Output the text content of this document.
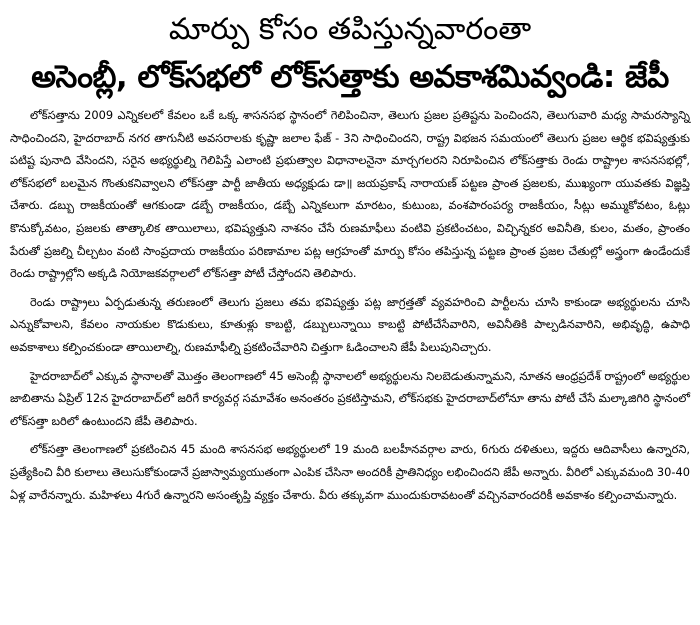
మార్పు కోసం తపిస్తున్నవారంతా
అసెంబ్లీ, లోక్‌సభలో లోక్‌సత్తాకు అవకాశమివ్వండి: జేపీ

లోక్‌సత్తాను 2009 ఎన్నికలలో కేవలం ఒకే ఒక్క శాసనసభ స్థానంలో గెలిపించినా, తెలుగు ప్రజల ప్రతిష్టను పెంచిందని, తెలుగువారి మధ్య సామరస్యాన్ని సాధించిందని, హైదరాబాద్ నగర తాగునీటి అవసరాలకు కృష్ణా జలాల ఫేజ్ - 3ని సాధించిందని, రాష్ట్ర విభజన సమయంలో తెలుగు ప్రజల ఆర్థిక భవిష్యత్తుకు పటిష్ట పునాది వేసిందని, సరైన అభ్యర్థుల్ని గెలిపిస్తే ఎలాంటి ప్రభుత్వాల విధానాలనైనా మార్చగలరని నిరూపించిన లోక్‌సత్తాకు రెండు రాష్ట్రాల శాసనసభల్లో, లోక్‌సభలో బలమైన గొంతుకనివ్వాలని లోక్‌సత్తా పార్టీ జాతీయ అధ్యక్షుడు డా॥ జయప్రకాష్ నారాయణ్ పట్టణ ప్రాంత ప్రజలకు, ముఖ్యంగా యువతకు విజ్ఞప్తి చేశారు. డబ్బు రాజకీయంతో ఆగకుండా డబ్బే రాజకీయం, డబ్బే ఎన్నికలుగా మారటం, కుటుంబ, వంశపారంపర్య రాజకీయం, సీట్లు అమ్ముకోవటం, ఓట్లు కొనుక్కోవటం, ప్రజలకు తాత్కాలిక తాయిలాలు, భవిష్యత్తుని నాశనం చేసే రుణమాఫీలు వంటివి ప్రకటించటం, విచ్ఛిన్నకర అవినీతి, కులం, మతం, ప్రాంతం పేరుతో ప్రజల్ని చీల్చటం వంటి సాంప్రదాయ రాజకీయం పరిణామాల పట్ల ఆగ్రహంతో మార్పు కోసం తపిస్తున్న పట్టణ ప్రాంత ప్రజల చేతుల్లో అస్త్రంగా ఉండేందుకే రెండు రాష్ట్రాల్లోని అక్కడి నియోజకవర్గాలలో లోక్‌సత్తా పోటీ చేస్తోందని తెలిపారు.

రెండు రాష్ట్రాలు ఏర్పడుతున్న తరుణంలో తెలుగు ప్రజలు తమ భవిష్యత్తు పట్ల జాగ్రత్తతో వ్యవహరించి పార్టీలను చూసి కాకుండా అభ్యర్థులను చూసి ఎన్నుకోవాలని, కేవలం నాయకుల కొడుకులు, కూతుళ్లు కాబట్టి, డబ్బులున్నాయి కాబట్టి పోటీచేసేవారిని, అవినీతికి పాల్పడినవారిని, అభివృద్ధి, ఉపాధి అవకాశాలు కల్పించకుండా తాయిలాల్ని, రుణమాఫీల్ని ప్రకటించేవారిని చిత్తుగా ఓడించాలని జేపీ పిలుపునిచ్చారు.

హైదరాబాద్‌లో ఎక్కువ స్థానాలతో మొత్తం తెలంగాణలో 45 అసెంబ్లీ స్థానాలలో అభ్యర్థులను నిలబెడుతున్నామని, నూతన ఆంధ్రప్రదేశ్ రాష్ట్రంలో అభ్యర్థుల జాబితాను ఏప్రిల్ 12న హైదరాబాద్‌లో జరిగే కార్యవర్గ సమావేశం అనంతరం ప్రకటిస్తామని, లోక్‌సభకు హైదరాబాద్‌లోనూ తాను పోటీ చేసే మల్కాజిగిరి స్థానంలో లోక్‌సత్తా బరిలో ఉంటుందని జేపీ తెలిపారు.

లోక్‌సత్తా తెలంగాణలో ప్రకటించిన 45 మంది శాసనసభ అభ్యర్థులలో 19 మంది బలహీనవర్గాల వారు, 6గురు దళితులు, ఇద్దరు ఆదివాసీలు ఉన్నారని, ప్రత్యేకించి వీరి కులాలు తెలుసుకోకుండానే ప్రజాస్వామ్యయుతంగా ఎంపిక చేసినా అందరికీ ప్రాతినిధ్యం లభించిందని జేపీ అన్నారు. వీరిలో ఎక్కువమంది 30-40 ఏళ్ల వారేనన్నారు. మహిళలు 4గురే ఉన్నారని అసంతృప్తి వ్యక్తం చేశారు. వీరు తక్కువగా ముందుకురావటంతో వచ్చినవారందరికీ అవకాశం కల్పించామన్నారు.
